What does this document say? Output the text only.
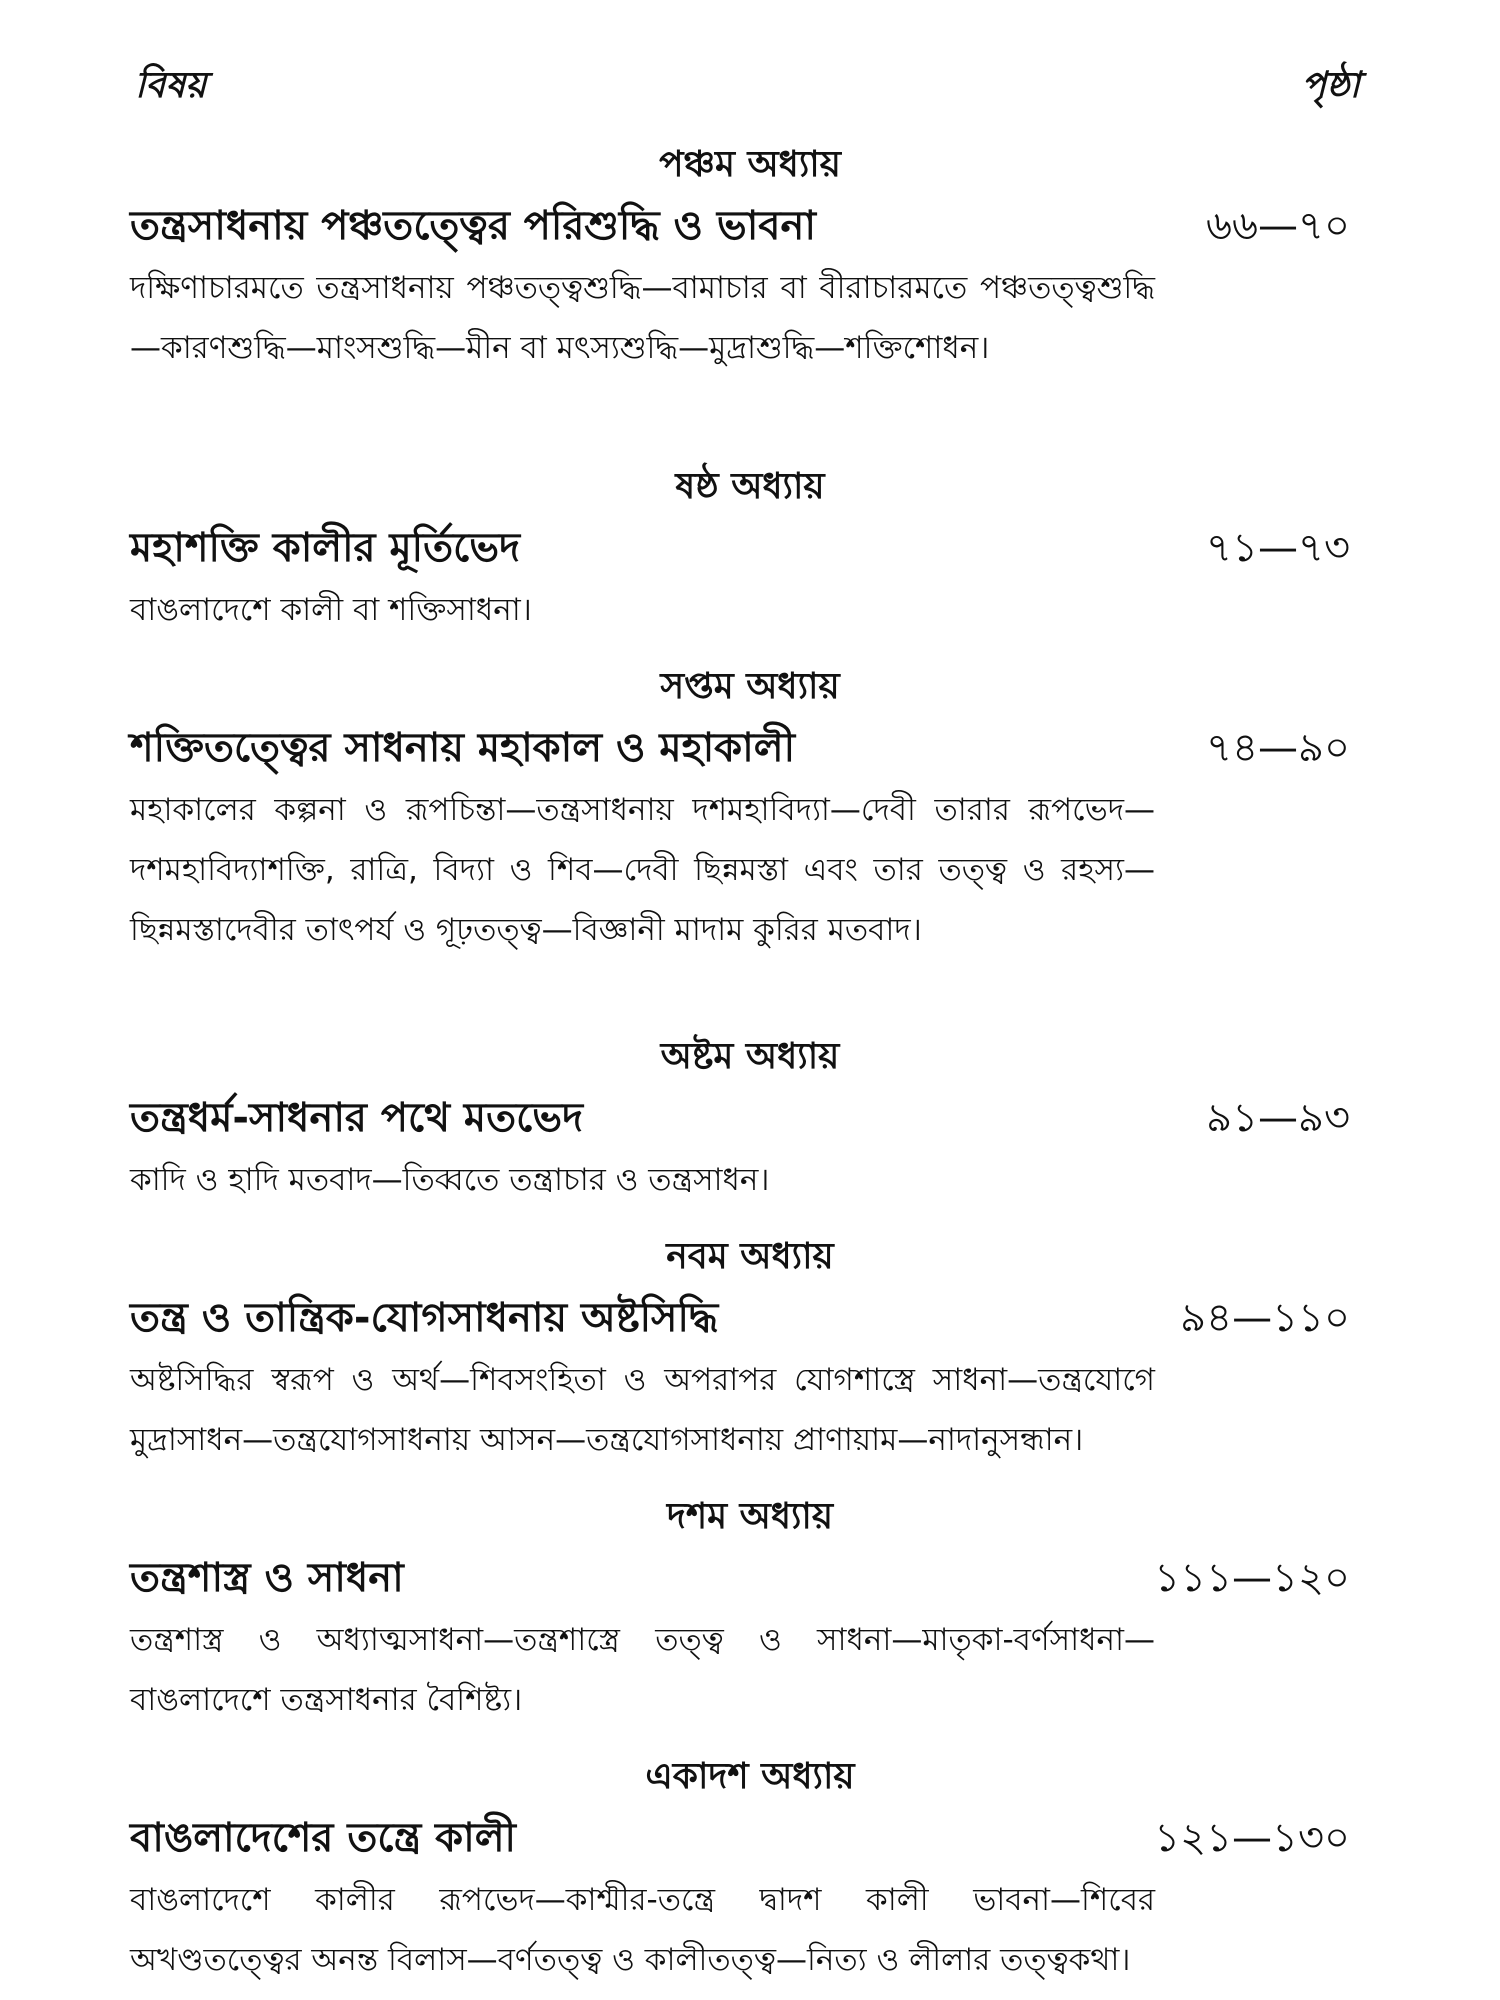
বিষয়	পৃষ্ঠা
পঞ্চম অধ্যায়
তন্ত্রসাধনায় পঞ্চতত্ত্বের পরিশুদ্ধি ও ভাবনা	৬৬—৭০
দক্ষিণাচারমতে তন্ত্রসাধনায় পঞ্চতত্ত্বশুদ্ধি—বামাচার বা বীরাচারমতে পঞ্চতত্ত্বশুদ্ধি—কারণশুদ্ধি—মাংসশুদ্ধি—মীন বা মৎস্যশুদ্ধি—মুদ্রাশুদ্ধি—শক্তিশোধন।
ষষ্ঠ অধ্যায়
মহাশক্তি কালীর মূর্তিভেদ	৭১—৭৩
বাঙলাদেশে কালী বা শক্তিসাধনা।
সপ্তম অধ্যায়
শক্তিতত্ত্বের সাধনায় মহাকাল ও মহাকালী	৭৪—৯০
মহাকালের কল্পনা ও রূপচিন্তা—তন্ত্রসাধনায় দশমহাবিদ্যা—দেবী তারার রূপভেদ—দশমহাবিদ্যাশক্তি, রাত্রি, বিদ্যা ও শিব—দেবী ছিন্নমস্তা এবং তার তত্ত্ব ও রহস্য—ছিন্নমস্তাদেবীর তাৎপর্য ও গূঢ়তত্ত্ব—বিজ্ঞানী মাদাম কুরির মতবাদ।
অষ্টম অধ্যায়
তন্ত্রধর্ম-সাধনার পথে মতভেদ	৯১—৯৩
কাদি ও হাদি মতবাদ—তিব্বতে তন্ত্রাচার ও তন্ত্রসাধন।
নবম অধ্যায়
তন্ত্র ও তান্ত্রিক-যোগসাধনায় অষ্টসিদ্ধি	৯৪—১১০
অষ্টসিদ্ধির স্বরূপ ও অর্থ—শিবসংহিতা ও অপরাপর যোগশাস্ত্রে সাধনা—তন্ত্রযোগে মুদ্রাসাধন—তন্ত্রযোগসাধনায় আসন—তন্ত্রযোগসাধনায় প্রাণায়াম—নাদানুসন্ধান।
দশম অধ্যায়
তন্ত্রশাস্ত্র ও সাধনা	১১১—১২০
তন্ত্রশাস্ত্র ও অধ্যাত্মসাধনা—তন্ত্রশাস্ত্রে তত্ত্ব ও সাধনা—মাতৃকা-বর্ণসাধনা—বাঙলাদেশে তন্ত্রসাধনার বৈশিষ্ট্য।
একাদশ অধ্যায়
বাঙলাদেশের তন্ত্রে কালী	১২১—১৩০
বাঙলাদেশে কালীর রূপভেদ—কাশ্মীর-তন্ত্রে দ্বাদশ কালী ভাবনা—শিবের অখণ্ডতত্ত্বের অনন্ত বিলাস—বর্ণতত্ত্ব ও কালীতত্ত্ব—নিত্য ও লীলার তত্ত্বকথা।
